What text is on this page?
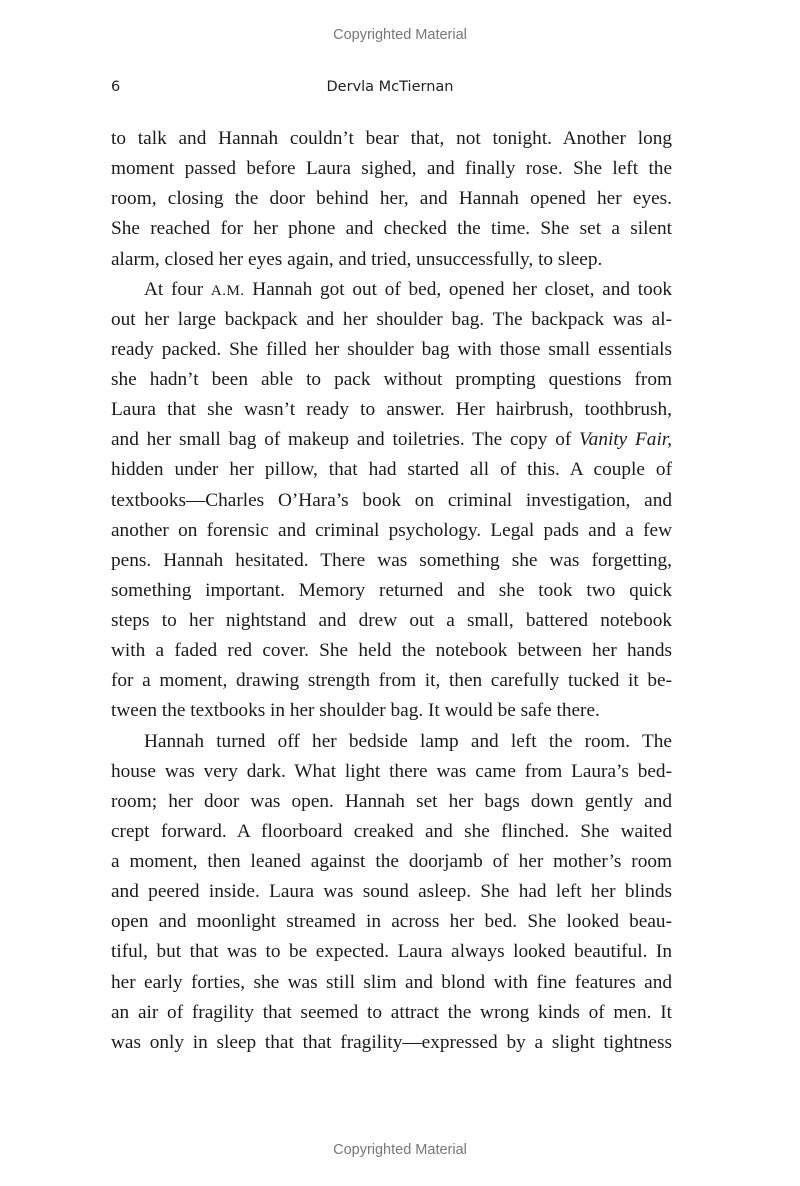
Copyrighted Material
6	Dervla McTiernan
to talk and Hannah couldn’t bear that, not tonight. Another long
moment passed before Laura sighed, and finally rose. She left the
room, closing the door behind her, and Hannah opened her eyes.
She reached for her phone and checked the time. She set a silent
alarm, closed her eyes again, and tried, unsuccessfully, to sleep.
At four A.M. Hannah got out of bed, opened her closet, and took
out her large backpack and her shoulder bag. The backpack was al-
ready packed. She filled her shoulder bag with those small essentials
she hadn’t been able to pack without prompting questions from
Laura that she wasn’t ready to answer. Her hairbrush, toothbrush,
and her small bag of makeup and toiletries. The copy of Vanity Fair,
hidden under her pillow, that had started all of this. A couple of
textbooks—Charles O’Hara’s book on criminal investigation, and
another on forensic and criminal psychology. Legal pads and a few
pens. Hannah hesitated. There was something she was forgetting,
something important. Memory returned and she took two quick
steps to her nightstand and drew out a small, battered notebook
with a faded red cover. She held the notebook between her hands
for a moment, drawing strength from it, then carefully tucked it be-
tween the textbooks in her shoulder bag. It would be safe there.
Hannah turned off her bedside lamp and left the room. The
house was very dark. What light there was came from Laura’s bed-
room; her door was open. Hannah set her bags down gently and
crept forward. A floorboard creaked and she flinched. She waited
a moment, then leaned against the doorjamb of her mother’s room
and peered inside. Laura was sound asleep. She had left her blinds
open and moonlight streamed in across her bed. She looked beau-
tiful, but that was to be expected. Laura always looked beautiful. In
her early forties, she was still slim and blond with fine features and
an air of fragility that seemed to attract the wrong kinds of men. It
was only in sleep that that fragility—expressed by a slight tightness
Copyrighted Material
